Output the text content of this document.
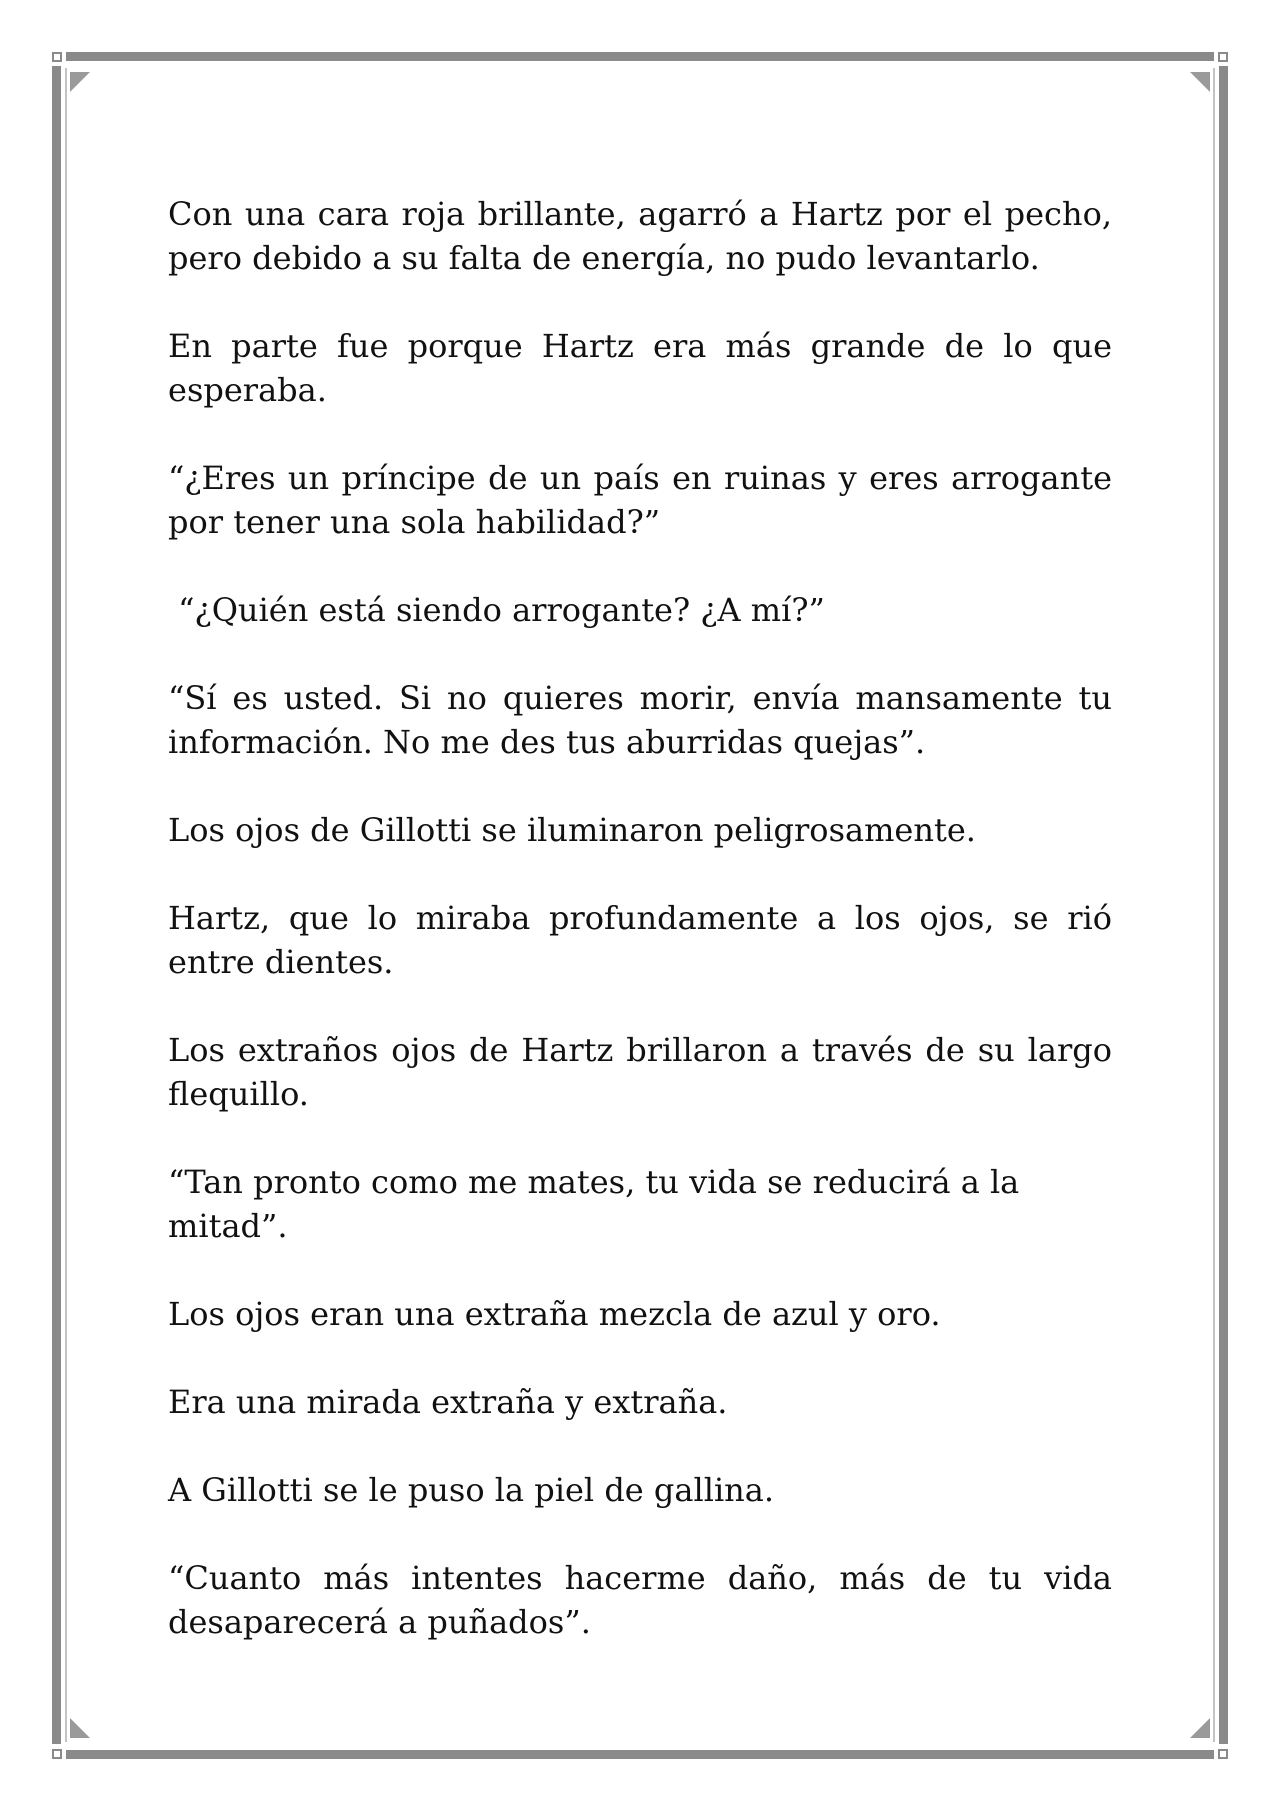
Con una cara roja brillante, agarró a Hartz por el pecho, pero debido a su falta de energía, no pudo levantarlo.

En parte fue porque Hartz era más grande de lo que esperaba.

“¿Eres un príncipe de un país en ruinas y eres arrogante por tener una sola habilidad?”

“¿Quién está siendo arrogante? ¿A mí?”

“Sí es usted. Si no quieres morir, envía mansamente tu información. No me des tus aburridas quejas”.

Los ojos de Gillotti se iluminaron peligrosamente.

Hartz, que lo miraba profundamente a los ojos, se rió entre dientes.

Los extraños ojos de Hartz brillaron a través de su largo flequillo.

“Tan pronto como me mates, tu vida se reducirá a la mitad”.

Los ojos eran una extraña mezcla de azul y oro.

Era una mirada extraña y extraña.

A Gillotti se le puso la piel de gallina.

“Cuanto más intentes hacerme daño, más de tu vida desaparecerá a puñados”.
